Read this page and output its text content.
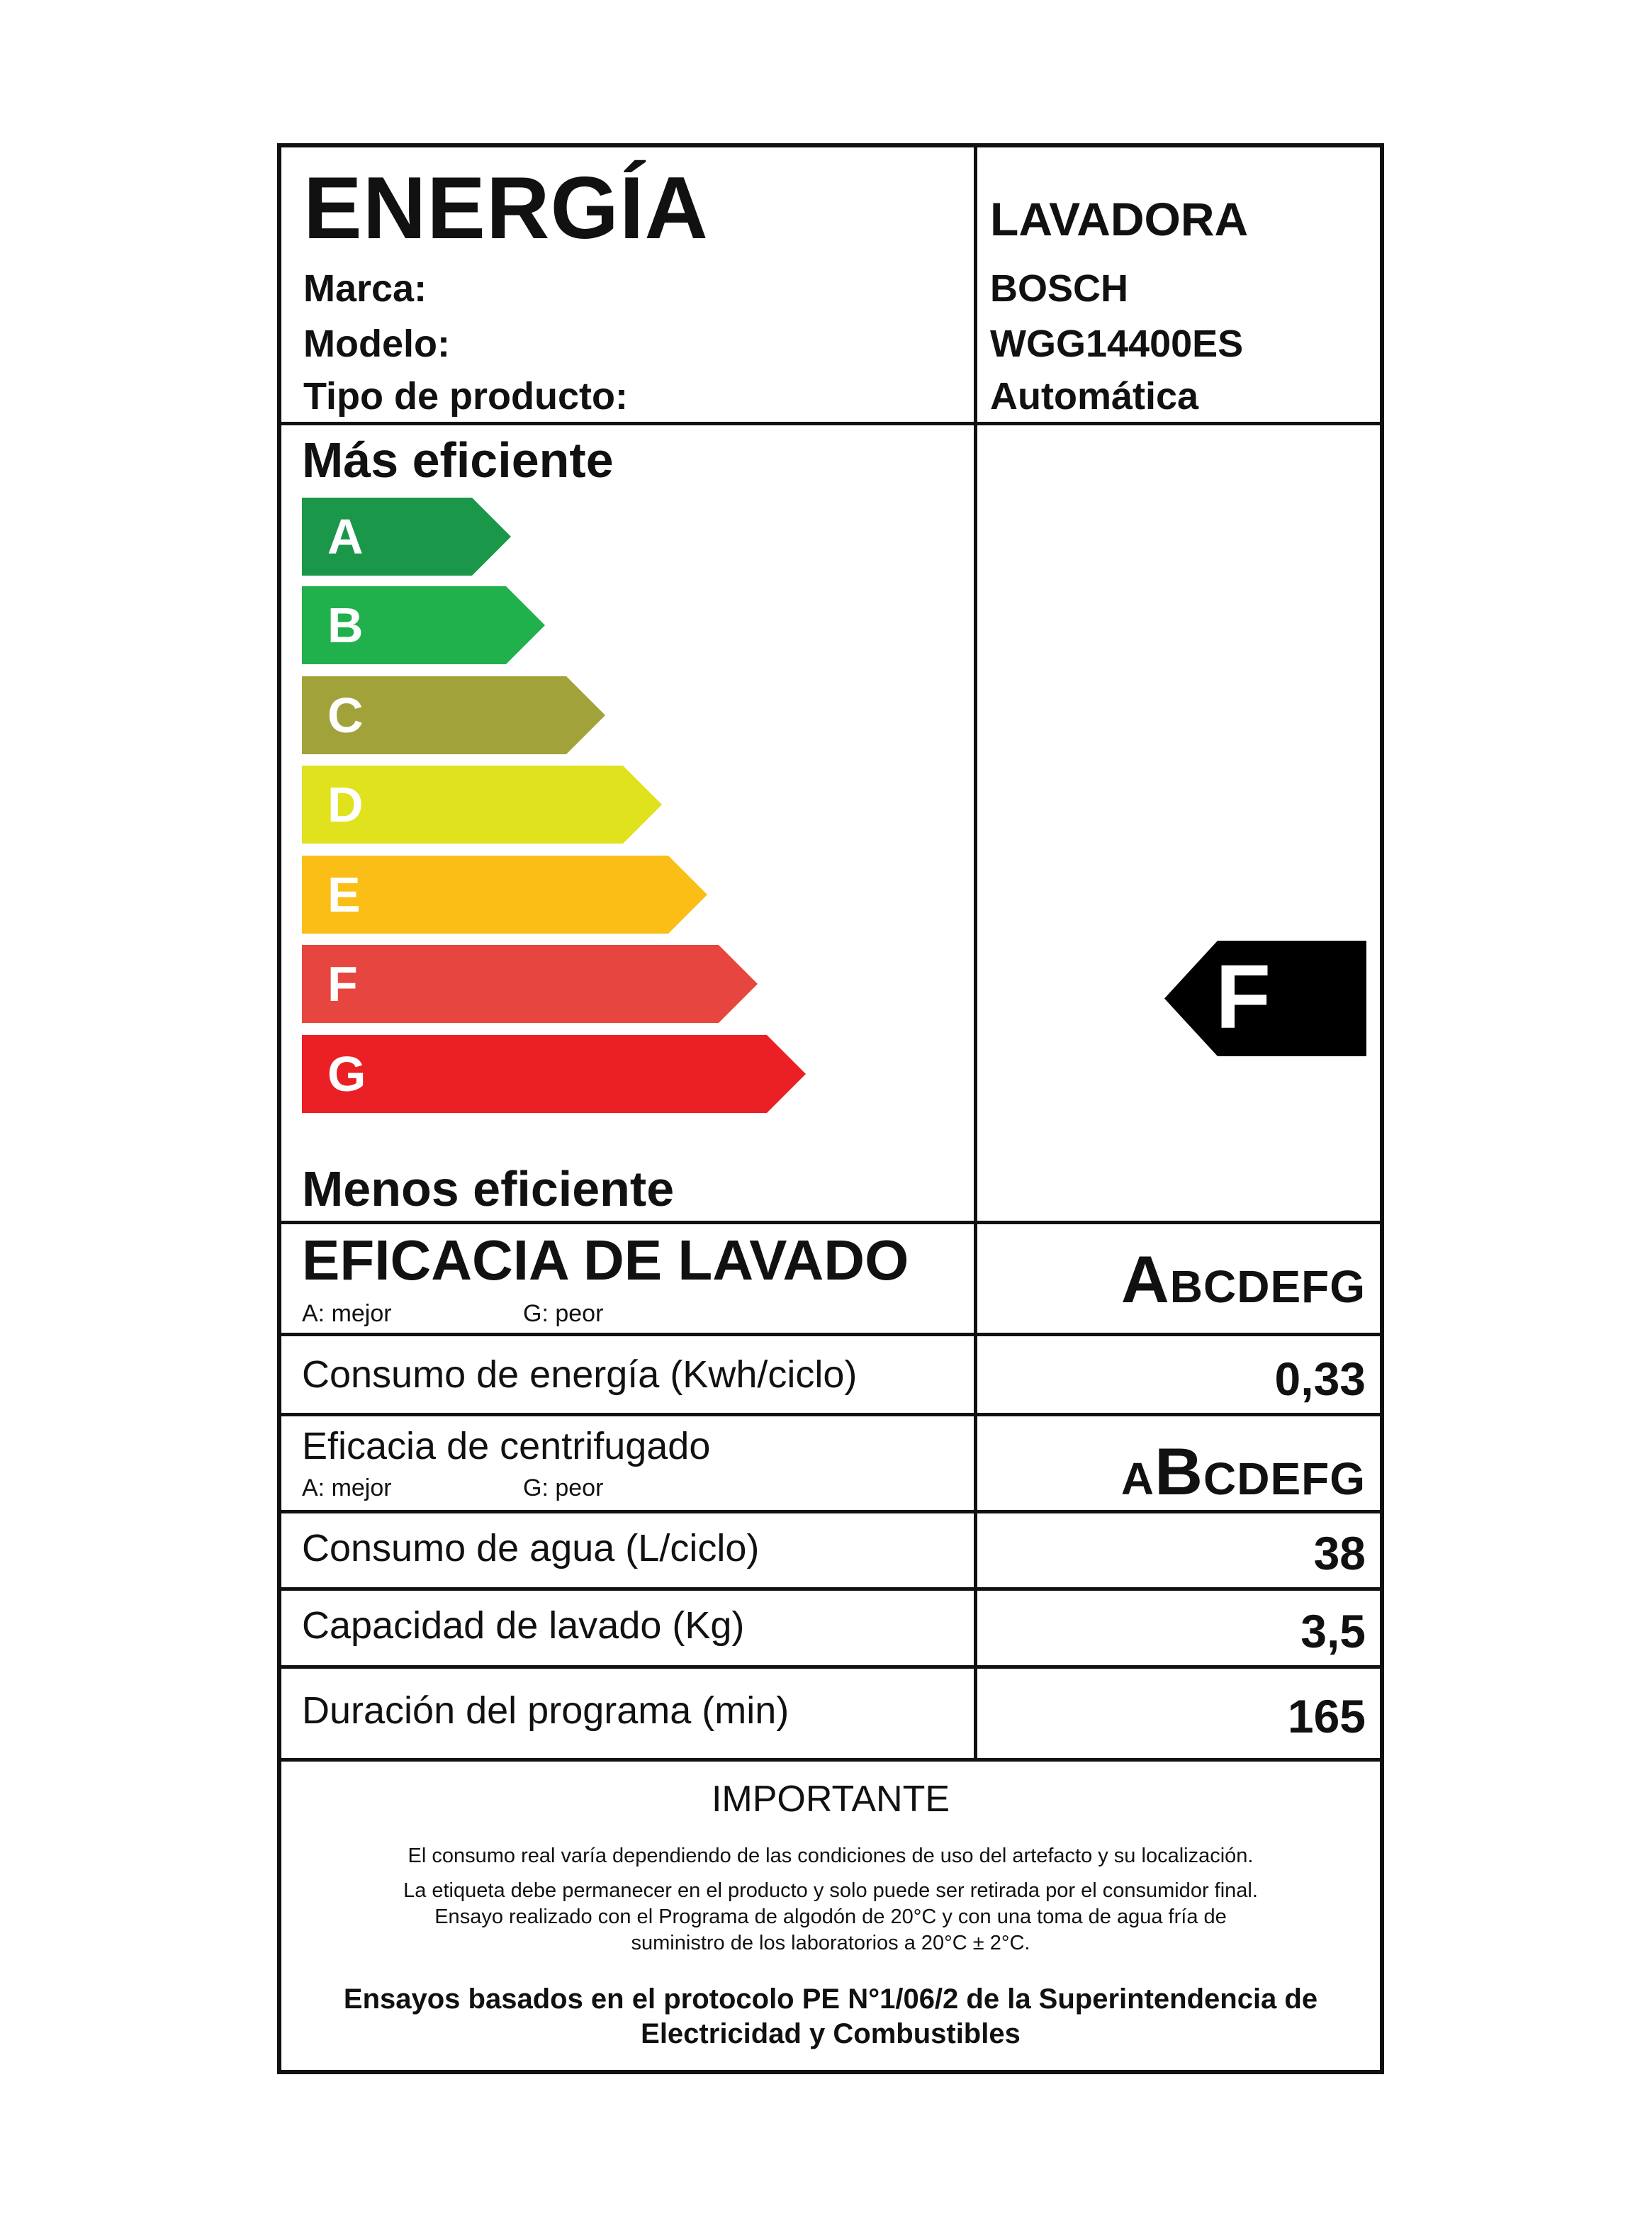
ENERGÍA	LAVADORA
Marca:	BOSCH
Modelo:	WGG14400ES
Tipo de producto:	Automática
Más eficiente
A
B
C
D
E
F
G
Menos eficiente
F
EFICACIA DE LAVADO
A: mejor	G: peor	ABCDEFG
Consumo de energía (Kwh/ciclo)	0,33
Eficacia de centrifugado
A: mejor	G: peor	ABCDEFG
Consumo de agua (L/ciclo)	38
Capacidad de lavado (Kg)	3,5
Duración del programa (min)	165
IMPORTANTE
El consumo real varía dependiendo de las condiciones de uso del artefacto y su localización.
La etiqueta debe permanecer en el producto y solo puede ser retirada por el consumidor final.
Ensayo realizado con el Programa de algodón de 20°C y con una toma de agua fría de
suministro de los laboratorios a 20°C ± 2°C.
Ensayos basados en el protocolo PE N°1/06/2 de la Superintendencia de
Electricidad y Combustibles
